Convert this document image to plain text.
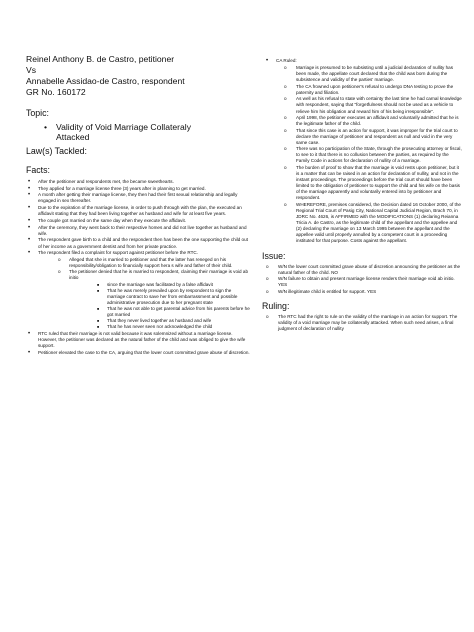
Reinel Anthony B. de Castro, petitioner
Vs
Annabelle Assidao-de Castro, respondent
GR No. 160172
Topic:
•	Validity of Void Marriage Collateraly
Attacked
Law(s) Tackled:
Facts:
• After the petitioner and respondents met, the became sweethearts.
• They applied for a marriage license three (3) years after in planning to get married.
• A month after getting their marriage license, they then had their first sexual relationship and legally engaged in sex thereafter.
• Due to the expiration of the marriage license, in order to push through with the plan, the executed an affidavit stating that they had been living together as husband and wife for at least five years.
• The couple got married on the same day when they execute the affidavit.
• After the ceremony, they went back to their respective homes and did not live together as husband and wife.
• The respondent gave birth to a child and the respondent then has been the one supporting the child out of her income as a government dentist and from her private practice.
• The respondent filed a complaint for support against petitioner before the RTC.
o Alleged that she is married to petitioner and that the latter has reneged on his responsibility/obligation to financially support hera s wife and father of their child.
o The petitioner denied that he is married to respondent, claiming their marriage is void ab initio
■ since the marriage was facilitated by a false affidavit
■ That he was merely prevailed upon by respondent to sign the marriage contract to save her from embarrassment and possible administrative prosecution due to her pregnant state
■ That he was not able to get parental advice from his parents before he got married
■ That they never lived together as husband and wife
■ That he has never seen nor acknowledged the child
• RTC ruled that their marriage is not valid because it was solemnized without a marriage license. However, the petitioner was declared as the natural father of the child and was obliged to give the wife support.
• Petitioner elevated the case to the CA, arguing that the lower court committed grave abuse of discretion.
• CA Ruled:
o Marriage is presumed to be subsisting until a judicial declaration of nullity has been made, the appellate court declared that the child was born during the subsistence and validity of the parties' marriage.
o The CA frowned upon petitioner's refusal to undergo DNA testing to prove the paternity and filiation.
o As well as his refusal to state with certainty the last time he had carnal knowledge with respondent, saying that "forgetfulness should not be used as a vehicle to relieve him his obligation and reward him of his being irresponsible".
o April 1998, the petitioner executes an affidavit and voluntarily admitted that he is the legitimate father of the child.
o That since this case is an action for support, it was improper for the trial court to declare the marriage of petitioner and respondent as null and void in the very same case.
o There was no participation of the State, through the prosecuting attorney or fiscal, to see to it that there is no collusion between the parties, as required by the Family Code in actions for declaration of nullity of a marriage.
o The burden of proof to show that the marriage is void rests upon petitioner, but it is a matter that can be raised in an action for declaration of nullity, and not in the instant proceedings. The proceedings before the trial court should have been limited to the obligation of petitioner to support the child and his wife on the basis of the marriage apparently and voluntarily entered into by petitioner and respondent.
o WHEREFORE, premises considered, the Decision dated 16 October 2000, of the Regional Trial Court of Pasig City, National Capital Judicial Region, Brach 70, in JDRC No. 4626, is AFFIRMED with the MODIFICATIONS (1) declaring Reianna Tricia A. de Castro, as the legitimate child of the appellant and the appellee and (2) declaring the marriage on 13 March 1995 between the appellant and the appellee valid until properly annulled by a competent court in a proceeding instituted for that purpose. Costs against the appellant.
Issue:
o W/N the lower court committed grave abuse of discretion announcing the petitioner as the natural father of the child. NO
o W/N failure to obtain and present marriage license renders their marriage void ab initio. YES
o W/N illegitimate child is entitled for support. YES
Ruling:
o The RTC had the right to rule on the validity of the marriage in an action for support. The validity of a void marriage may be collaterally attacked. When such need arises, a final judgment of declaration of nullity
